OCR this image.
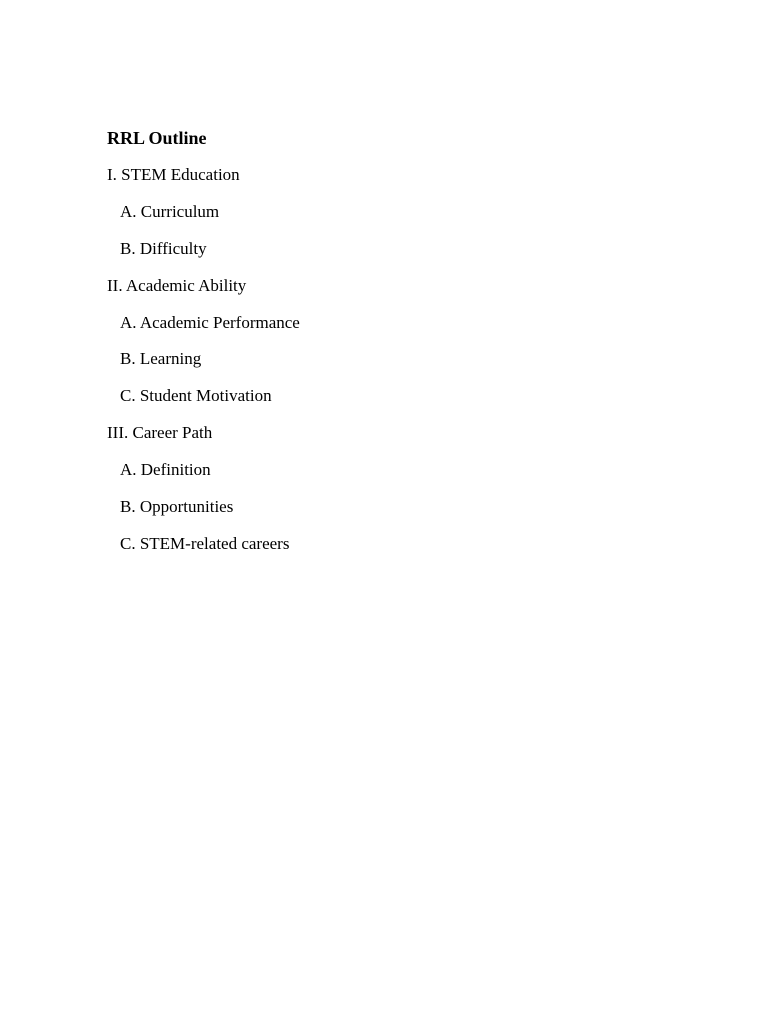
RRL Outline
I. STEM Education
A. Curriculum
B. Difficulty
II. Academic Ability
A. Academic Performance
B. Learning
C. Student Motivation
III. Career Path
A. Definition
B. Opportunities
C. STEM-related careers
